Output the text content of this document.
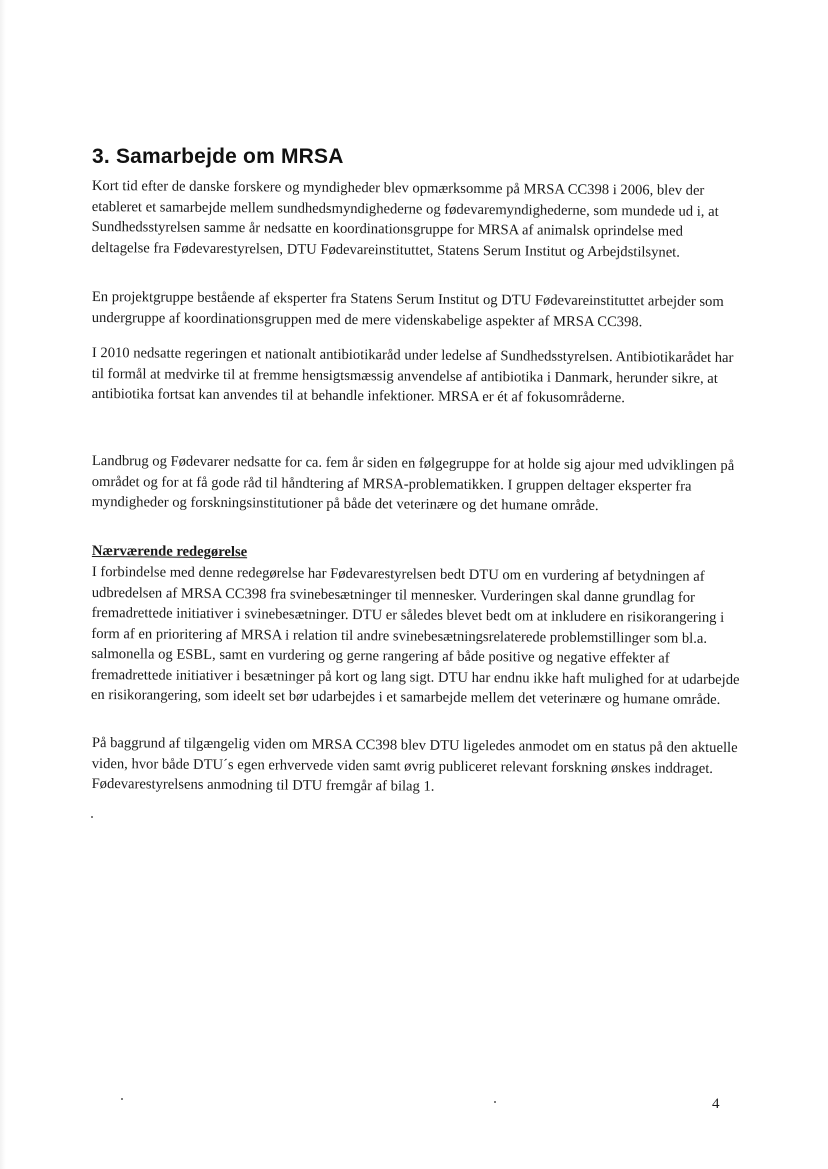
3. Samarbejde om MRSA

Kort tid efter de danske forskere og myndigheder blev opmærksomme på MRSA CC398 i 2006, blev der etableret et samarbejde mellem sundhedsmyndighederne og fødevaremyndighederne, som mundede ud i, at Sundhedsstyrelsen samme år nedsatte en koordinationsgruppe for MRSA af animalsk oprindelse med deltagelse fra Fødevarestyrelsen, DTU Fødevareinstituttet, Statens Serum Institut og Arbejdstilsynet.

En projektgruppe bestående af eksperter fra Statens Serum Institut og DTU Fødevareinstituttet arbejder som undergruppe af koordinationsgruppen med de mere videnskabelige aspekter af MRSA CC398.

I 2010 nedsatte regeringen et nationalt antibiotikaråd under ledelse af Sundhedsstyrelsen. Antibiotikarådet har til formål at medvirke til at fremme hensigtsmæssig anvendelse af antibiotika i Danmark, herunder sikre, at antibiotika fortsat kan anvendes til at behandle infektioner. MRSA er ét af fokusområderne.

Landbrug og Fødevarer nedsatte for ca. fem år siden en følgegruppe for at holde sig ajour med udviklingen på området og for at få gode råd til håndtering af MRSA-problematikken. I gruppen deltager eksperter fra myndigheder og forskningsinstitutioner på både det veterinære og det humane område.

Nærværende redegørelse

I forbindelse med denne redegørelse har Fødevarestyrelsen bedt DTU om en vurdering af betydningen af udbredelsen af MRSA CC398 fra svinebesætninger til mennesker. Vurderingen skal danne grundlag for fremadrettede initiativer i svinebesætninger. DTU er således blevet bedt om at inkludere en risikorangering i form af en prioritering af MRSA i relation til andre svinebesætningsrelaterede problemstillinger som bl.a. salmonella og ESBL, samt en vurdering og gerne rangering af både positive og negative effekter af fremadrettede initiativer i besætninger på kort og lang sigt. DTU har endnu ikke haft mulighed for at udarbejde en risikorangering, som ideelt set bør udarbejdes i et samarbejde mellem det veterinære og humane område.

På baggrund af tilgængelig viden om MRSA CC398 blev DTU ligeledes anmodet om en status på den aktuelle viden, hvor både DTU´s egen erhvervede viden samt øvrig publiceret relevant forskning ønskes inddraget. Fødevarestyrelsens anmodning til DTU fremgår af bilag 1.

4
